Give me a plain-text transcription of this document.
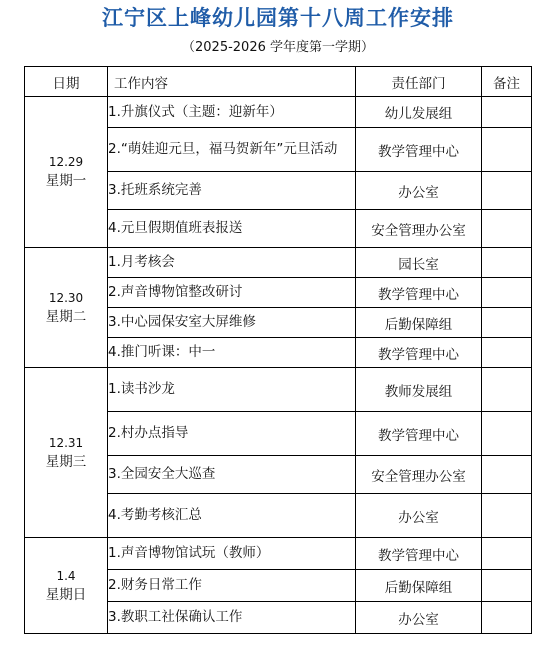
江宁区上峰幼儿园第十八周工作安排
（2025-2026 学年度第一学期）
日期	工作内容	责任部门	备注

12.29
星期一	1.升旗仪式（主题：迎新年）	幼儿发展组	
	2.“萌娃迎元旦，福马贺新年”元旦活动	教学管理中心	
	3.托班系统完善	办公室	
	4.元旦假期值班表报送	安全管理办公室	

12.30
星期二	1.月考核会	园长室	
	2.声音博物馆整改研讨	教学管理中心	
	3.中心园保安室大屏维修	后勤保障组	
	4.推门听课：中一	教学管理中心	

12.31
星期三	1.读书沙龙	教师发展组	
	2.村办点指导	教学管理中心	
	3.全园安全大巡查	安全管理办公室	
	4.考勤考核汇总	办公室	

1.4
星期日	1.声音博物馆试玩（教师）	教学管理中心	
	2.财务日常工作	后勤保障组	
	3.教职工社保确认工作	办公室	
